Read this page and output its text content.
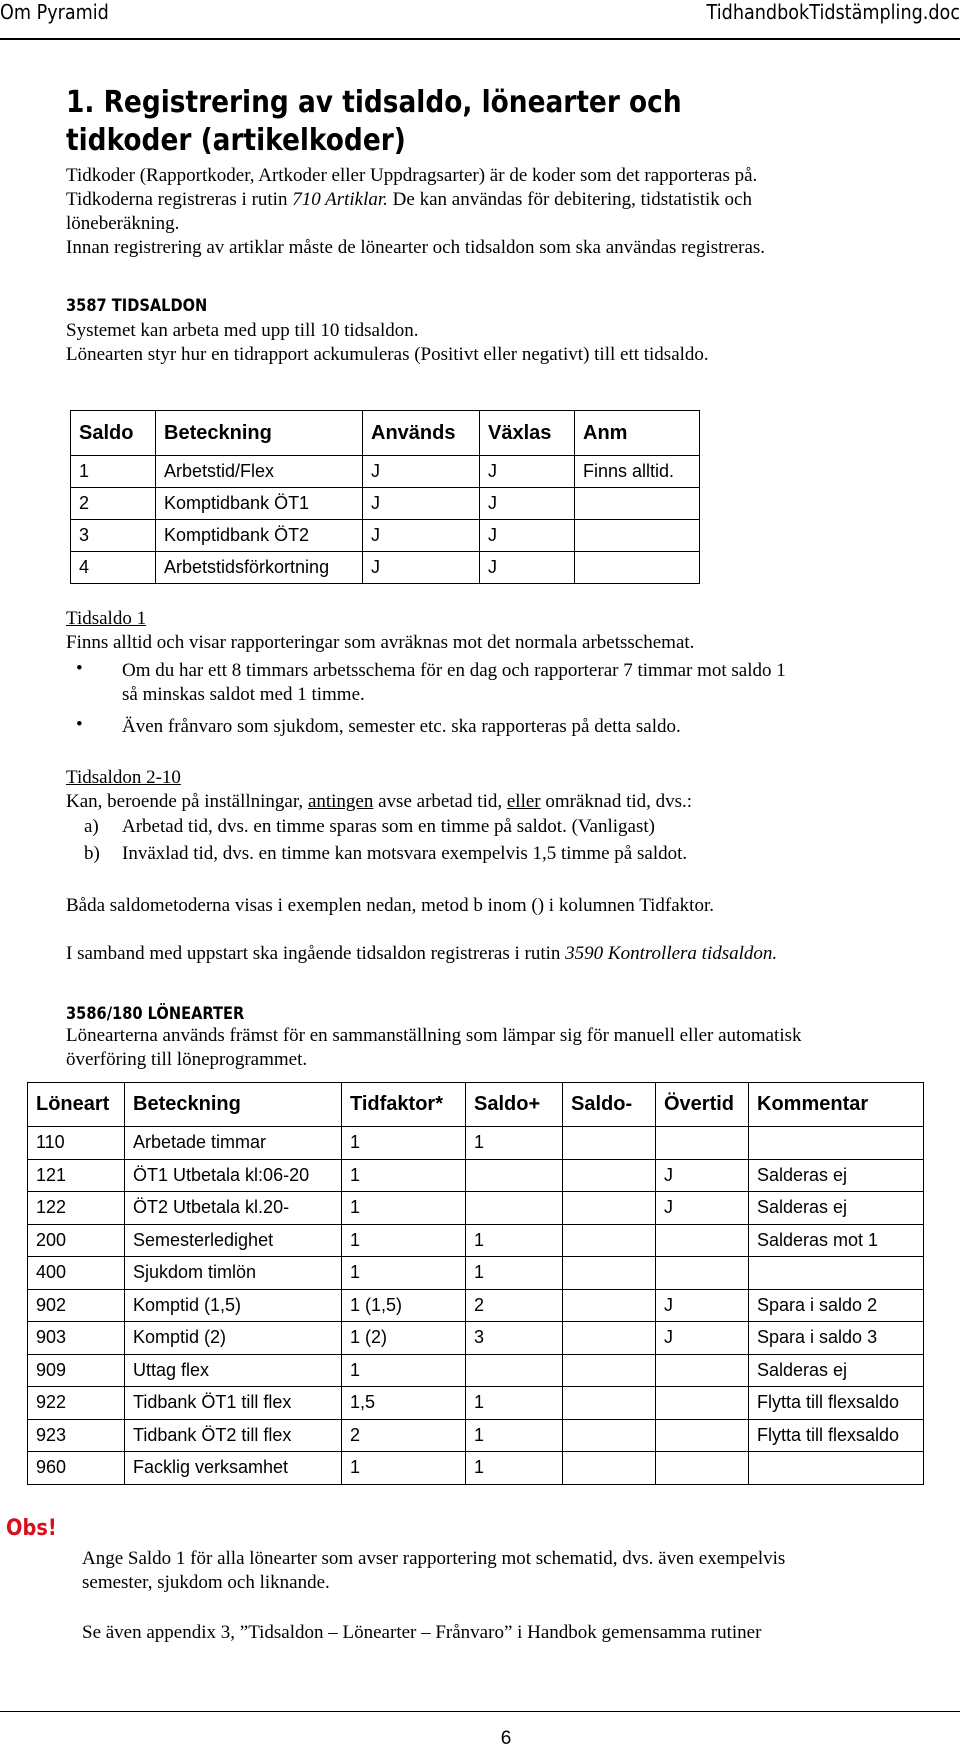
Om Pyramid	TidhandbokTidstämpling.doc
1. Registrering av tidsaldo, lönearter och tidkoder (artikelkoder)
Tidkoder (Rapportkoder, Artkoder eller Uppdragsarter) är de koder som det rapporteras på.
Tidkoderna registreras i rutin 710 Artiklar. De kan användas för debitering, tidstatistik och
löneberäkning.
Innan registrering av artiklar måste de lönearter och tidsaldon som ska användas registreras.
3587 TIDSALDON
Systemet kan arbeta med upp till 10 tidsaldon.
Lönearten styr hur en tidrapport ackumuleras (Positivt eller negativt) till ett tidsaldo.
Saldo	Beteckning	Används	Växlas	Anm
1	Arbetstid/Flex	J	J	Finns alltid.
2	Komptidbank ÖT1	J	J	
3	Komptidbank ÖT2	J	J	
4	Arbetstidsförkortning	J	J	
Tidsaldo 1
Finns alltid och visar rapporteringar som avräknas mot det normala arbetsschemat.
• Om du har ett 8 timmars arbetsschema för en dag och rapporterar 7 timmar mot saldo 1
så minskas saldot med 1 timme.
• Även frånvaro som sjukdom, semester etc. ska rapporteras på detta saldo.
Tidsaldon 2-10
Kan, beroende på inställningar, antingen avse arbetad tid, eller omräknad tid, dvs.:
a) Arbetad tid, dvs. en timme sparas som en timme på saldot. (Vanligast)
b) Inväxlad tid, dvs. en timme kan motsvara exempelvis 1,5 timme på saldot.
Båda saldometoderna visas i exemplen nedan, metod b inom () i kolumnen Tidfaktor.
I samband med uppstart ska ingående tidsaldon registreras i rutin 3590 Kontrollera tidsaldon.
3586/180 LÖNEARTER
Lönearterna används främst för en sammanställning som lämpar sig för manuell eller automatisk
överföring till löneprogrammet.
Löneart	Beteckning	Tidfaktor*	Saldo+	Saldo-	Övertid	Kommentar
110	Arbetade timmar	1	1			
121	ÖT1 Utbetala kl:06-20	1			J	Salderas ej
122	ÖT2 Utbetala kl.20-	1			J	Salderas ej
200	Semesterledighet	1	1			Salderas mot 1
400	Sjukdom timlön	1	1			
902	Komptid (1,5)	1 (1,5)	2		J	Spara i saldo 2
903	Komptid (2)	1 (2)	3		J	Spara i saldo 3
909	Uttag flex	1				Salderas ej
922	Tidbank ÖT1 till flex	1,5	1			Flytta till flexsaldo
923	Tidbank ÖT2 till flex	2	1			Flytta till flexsaldo
960	Facklig verksamhet	1	1			
Obs!
Ange Saldo 1 för alla lönearter som avser rapportering mot schematid, dvs. även exempelvis
semester, sjukdom och liknande.
Se även appendix 3, ”Tidsaldon – Lönearter – Frånvaro” i Handbok gemensamma rutiner
6
